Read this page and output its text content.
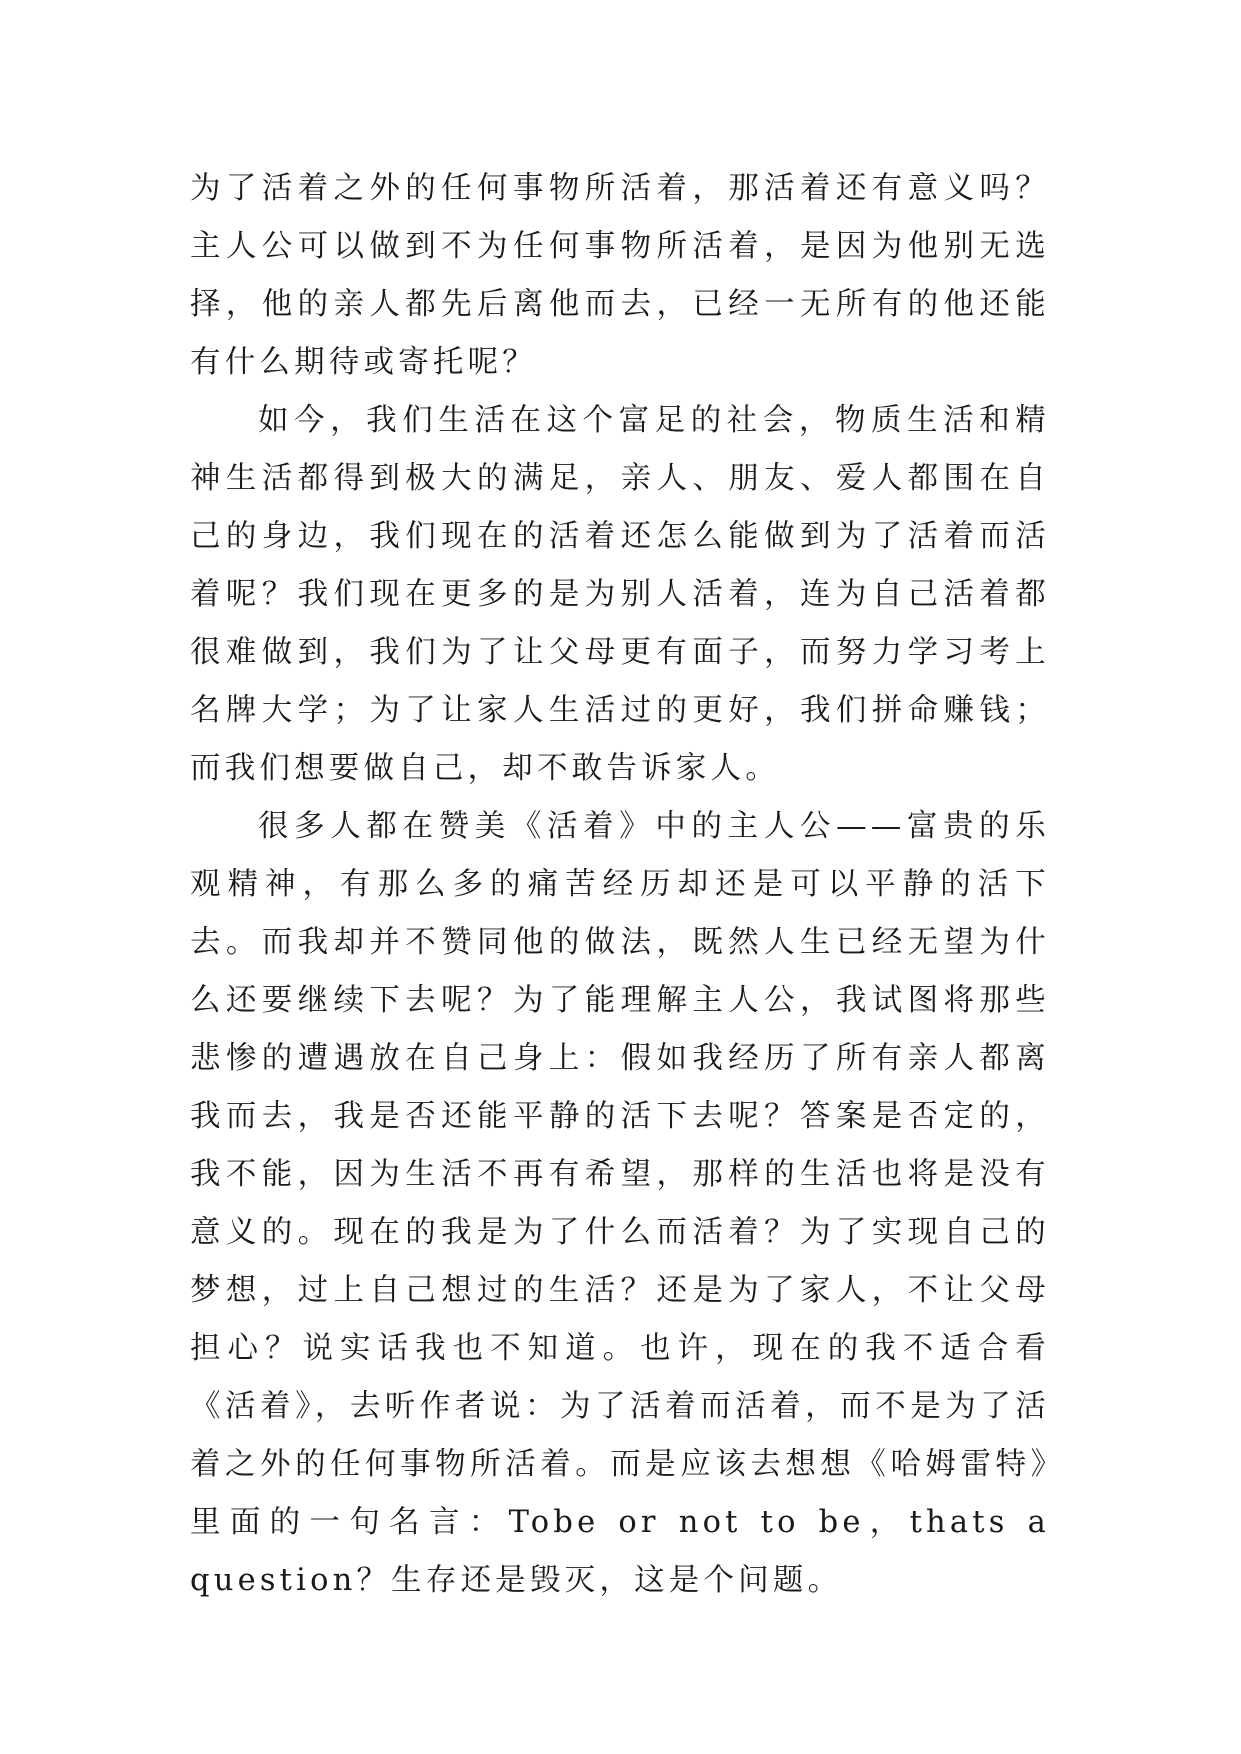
为了活着之外的任何事物所活着，那活着还有意义吗？主人公可以做到不为任何事物所活着，是因为他别无选择，他的亲人都先后离他而去，已经一无所有的他还能有什么期待或寄托呢？

如今，我们生活在这个富足的社会，物质生活和精神生活都得到极大的满足，亲人、朋友、爱人都围在自己的身边，我们现在的活着还怎么能做到为了活着而活着呢？我们现在更多的是为别人活着，连为自己活着都很难做到，我们为了让父母更有面子，而努力学习考上名牌大学；为了让家人生活过的更好，我们拼命赚钱；而我们想要做自己，却不敢告诉家人。

很多人都在赞美《活着》中的主人公——富贵的乐观精神，有那么多的痛苦经历却还是可以平静的活下去。而我却并不赞同他的做法，既然人生已经无望为什么还要继续下去呢？为了能理解主人公，我试图将那些悲惨的遭遇放在自己身上：假如我经历了所有亲人都离我而去，我是否还能平静的活下去呢？答案是否定的，我不能，因为生活不再有希望，那样的生活也将是没有意义的。现在的我是为了什么而活着？为了实现自己的梦想，过上自己想过的生活？还是为了家人，不让父母担心？说实话我也不知道。也许，现在的我不适合看《活着》，去听作者说：为了活着而活着，而不是为了活着之外的任何事物所活着。而是应该去想想《哈姆雷特》里面的一句名言：Tobe or not to be，thats a question？生存还是毁灭，这是个问题。
